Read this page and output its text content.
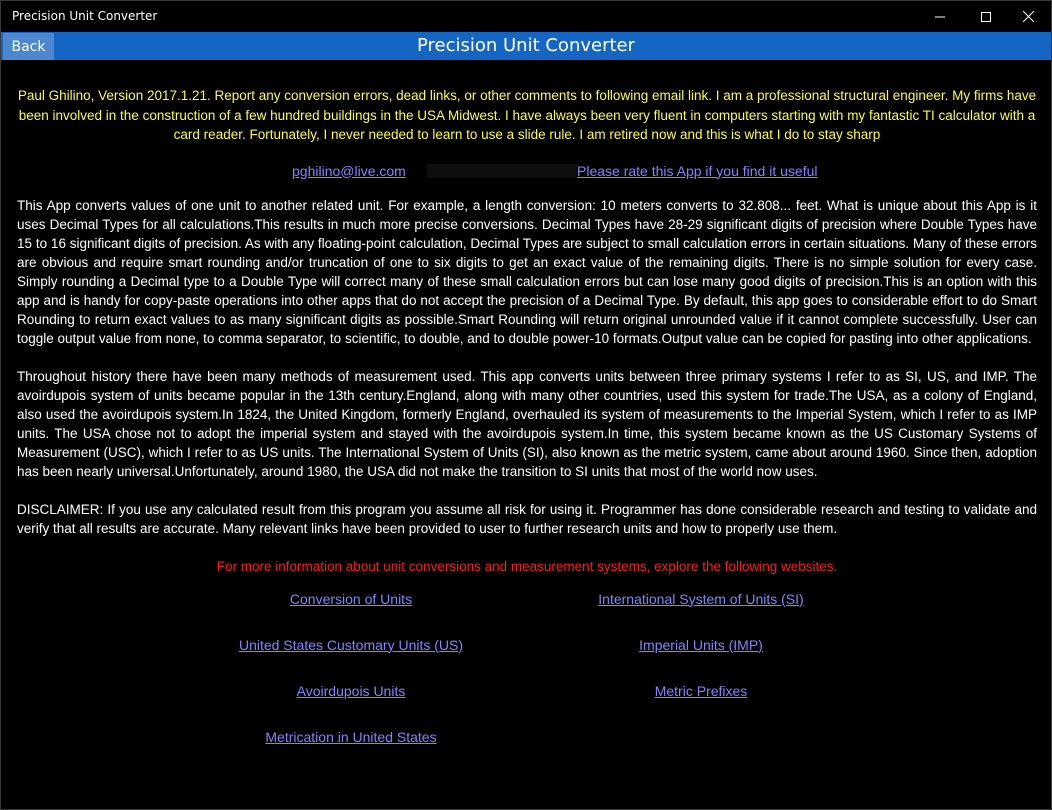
Precision Unit Converter
Back	Precision Unit Converter

Paul Ghilino, Version 2017.1.21. Report any conversion errors, dead links, or other comments to following email link. I am a professional structural engineer. My firms have been involved in the construction of a few hundred buildings in the USA Midwest. I have always been very fluent in computers starting with my fantastic TI calculator with a card reader. Fortunately, I never needed to learn to use a slide rule. I am retired now and this is what I do to stay sharp

pghilino@live.com	Please rate this App if you find it useful

This App converts values of one unit to another related unit. For example, a length conversion: 10 meters converts to 32.808... feet. What is unique about this App is it uses Decimal Types for all calculations.This results in much more precise conversions. Decimal Types have 28-29 significant digits of precision where Double Types have 15 to 16 significant digits of precision. As with any floating-point calculation, Decimal Types are subject to small calculation errors in certain situations. Many of these errors are obvious and require smart rounding and/or truncation of one to six digits to get an exact value of the remaining digits. There is no simple solution for every case. Simply rounding a Decimal type to a Double Type will correct many of these small calculation errors but can lose many good digits of precision.This is an option with this app and is handy for copy-paste operations into other apps that do not accept the precision of a Decimal Type. By default, this app goes to considerable effort to do Smart Rounding to return exact values to as many significant digits as possible.Smart Rounding will return original unrounded value if it cannot complete successfully. User can toggle output value from none, to comma separator, to scientific, to double, and to double power-10 formats.Output value can be copied for pasting into other applications.

Throughout history there have been many methods of measurement used. This app converts units between three primary systems I refer to as SI, US, and IMP. The avoirdupois system of units became popular in the 13th century.England, along with many other countries, used this system for trade.The USA, as a colony of England, also used the avoirdupois system.In 1824, the United Kingdom, formerly England, overhauled its system of measurements to the Imperial System, which I refer to as IMP units. The USA chose not to adopt the imperial system and stayed with the avoirdupois system.In time, this system became known as the US Customary Systems of Measurement (USC), which I refer to as US units. The International System of Units (SI), also known as the metric system, came about around 1960. Since then, adoption has been nearly universal.Unfortunately, around 1980, the USA did not make the transition to SI units that most of the world now uses.

DISCLAIMER: If you use any calculated result from this program you assume all risk for using it. Programmer has done considerable research and testing to validate and verify that all results are accurate. Many relevant links have been provided to user to further research units and how to properly use them.

For more information about unit conversions and measurement systems, explore the following websites.

Conversion of Units	International System of Units (SI)
United States Customary Units (US)	Imperial Units (IMP)
Avoirdupois Units	Metric Prefixes
Metrication in United States
